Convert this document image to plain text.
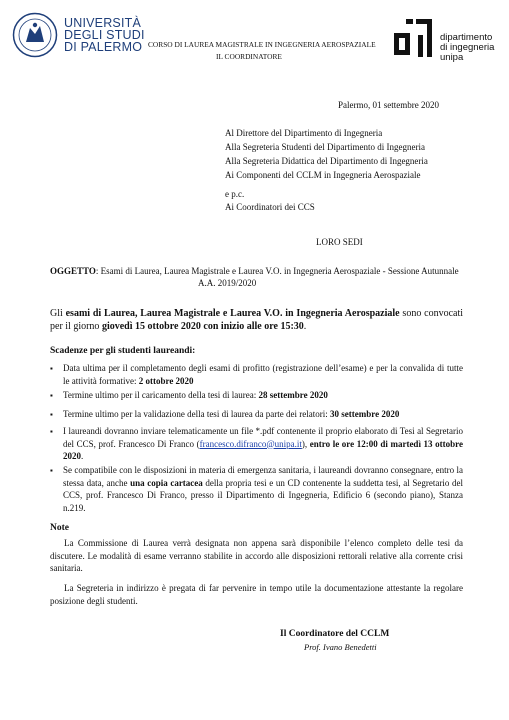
UNIVERSITÀ
DEGLI STUDI
DI PALERMO CORSO DI LAUREA MAGISTRALE IN INGEGNERIA AEROSPAZIALE
IL COORDINATORE
dipartimento
di ingegneria
unipa
Palermo, 01 settembre 2020
Al Direttore del Dipartimento di Ingegneria
Alla Segreteria Studenti del Dipartimento di Ingegneria
Alla Segreteria Didattica del Dipartimento di Ingegneria
Ai Componenti del CCLM in Ingegneria Aerospaziale
e p.c.
Ai Coordinatori dei CCS
LORO SEDI
OGGETTO: Esami di Laurea, Laurea Magistrale e Laurea V.O. in Ingegneria Aerospaziale - Sessione Autunnale
A.A. 2019/2020
Gli esami di Laurea, Laurea Magistrale e Laurea V.O. in Ingegneria Aerospaziale sono convocati per il giorno giovedì 15 ottobre 2020 con inizio alle ore 15:30.
Scadenze per gli studenti laureandi:
▪
Data ultima per il completamento degli esami di profitto (registrazione dell’esame) e per la convalida di tutte le attività formative: 2 ottobre 2020
▪
Termine ultimo per il caricamento della tesi di laurea: 28 settembre 2020
▪
Termine ultimo per la validazione della tesi di laurea da parte dei relatori: 30 settembre 2020
▪
I laureandi dovranno inviare telematicamente un file *.pdf contenente il proprio elaborato di Tesi al Segretario del CCS, prof. Francesco Di Franco (francesco.difranco@unipa.it), entro le ore 12:00 di martedì 13 ottobre 2020.
▪
Se compatibile con le disposizioni in materia di emergenza sanitaria, i laureandi dovranno consegnare, entro la stessa data, anche una copia cartacea della propria tesi e un CD contenente la suddetta tesi, al Segretario del CCS, prof. Francesco Di Franco, presso il Dipartimento di Ingegneria, Edificio 6 (secondo piano), Stanza n.219.
Note
La Commissione di Laurea verrà designata non appena sarà disponibile l’elenco completo delle tesi da discutere. Le modalità di esame verranno stabilite in accordo alle disposizioni rettorali relative alla corrente crisi sanitaria.
La Segreteria in indirizzo è pregata di far pervenire in tempo utile la documentazione attestante la regolare posizione degli studenti.
Il Coordinatore del CCLM
Prof. Ivano Benedetti
